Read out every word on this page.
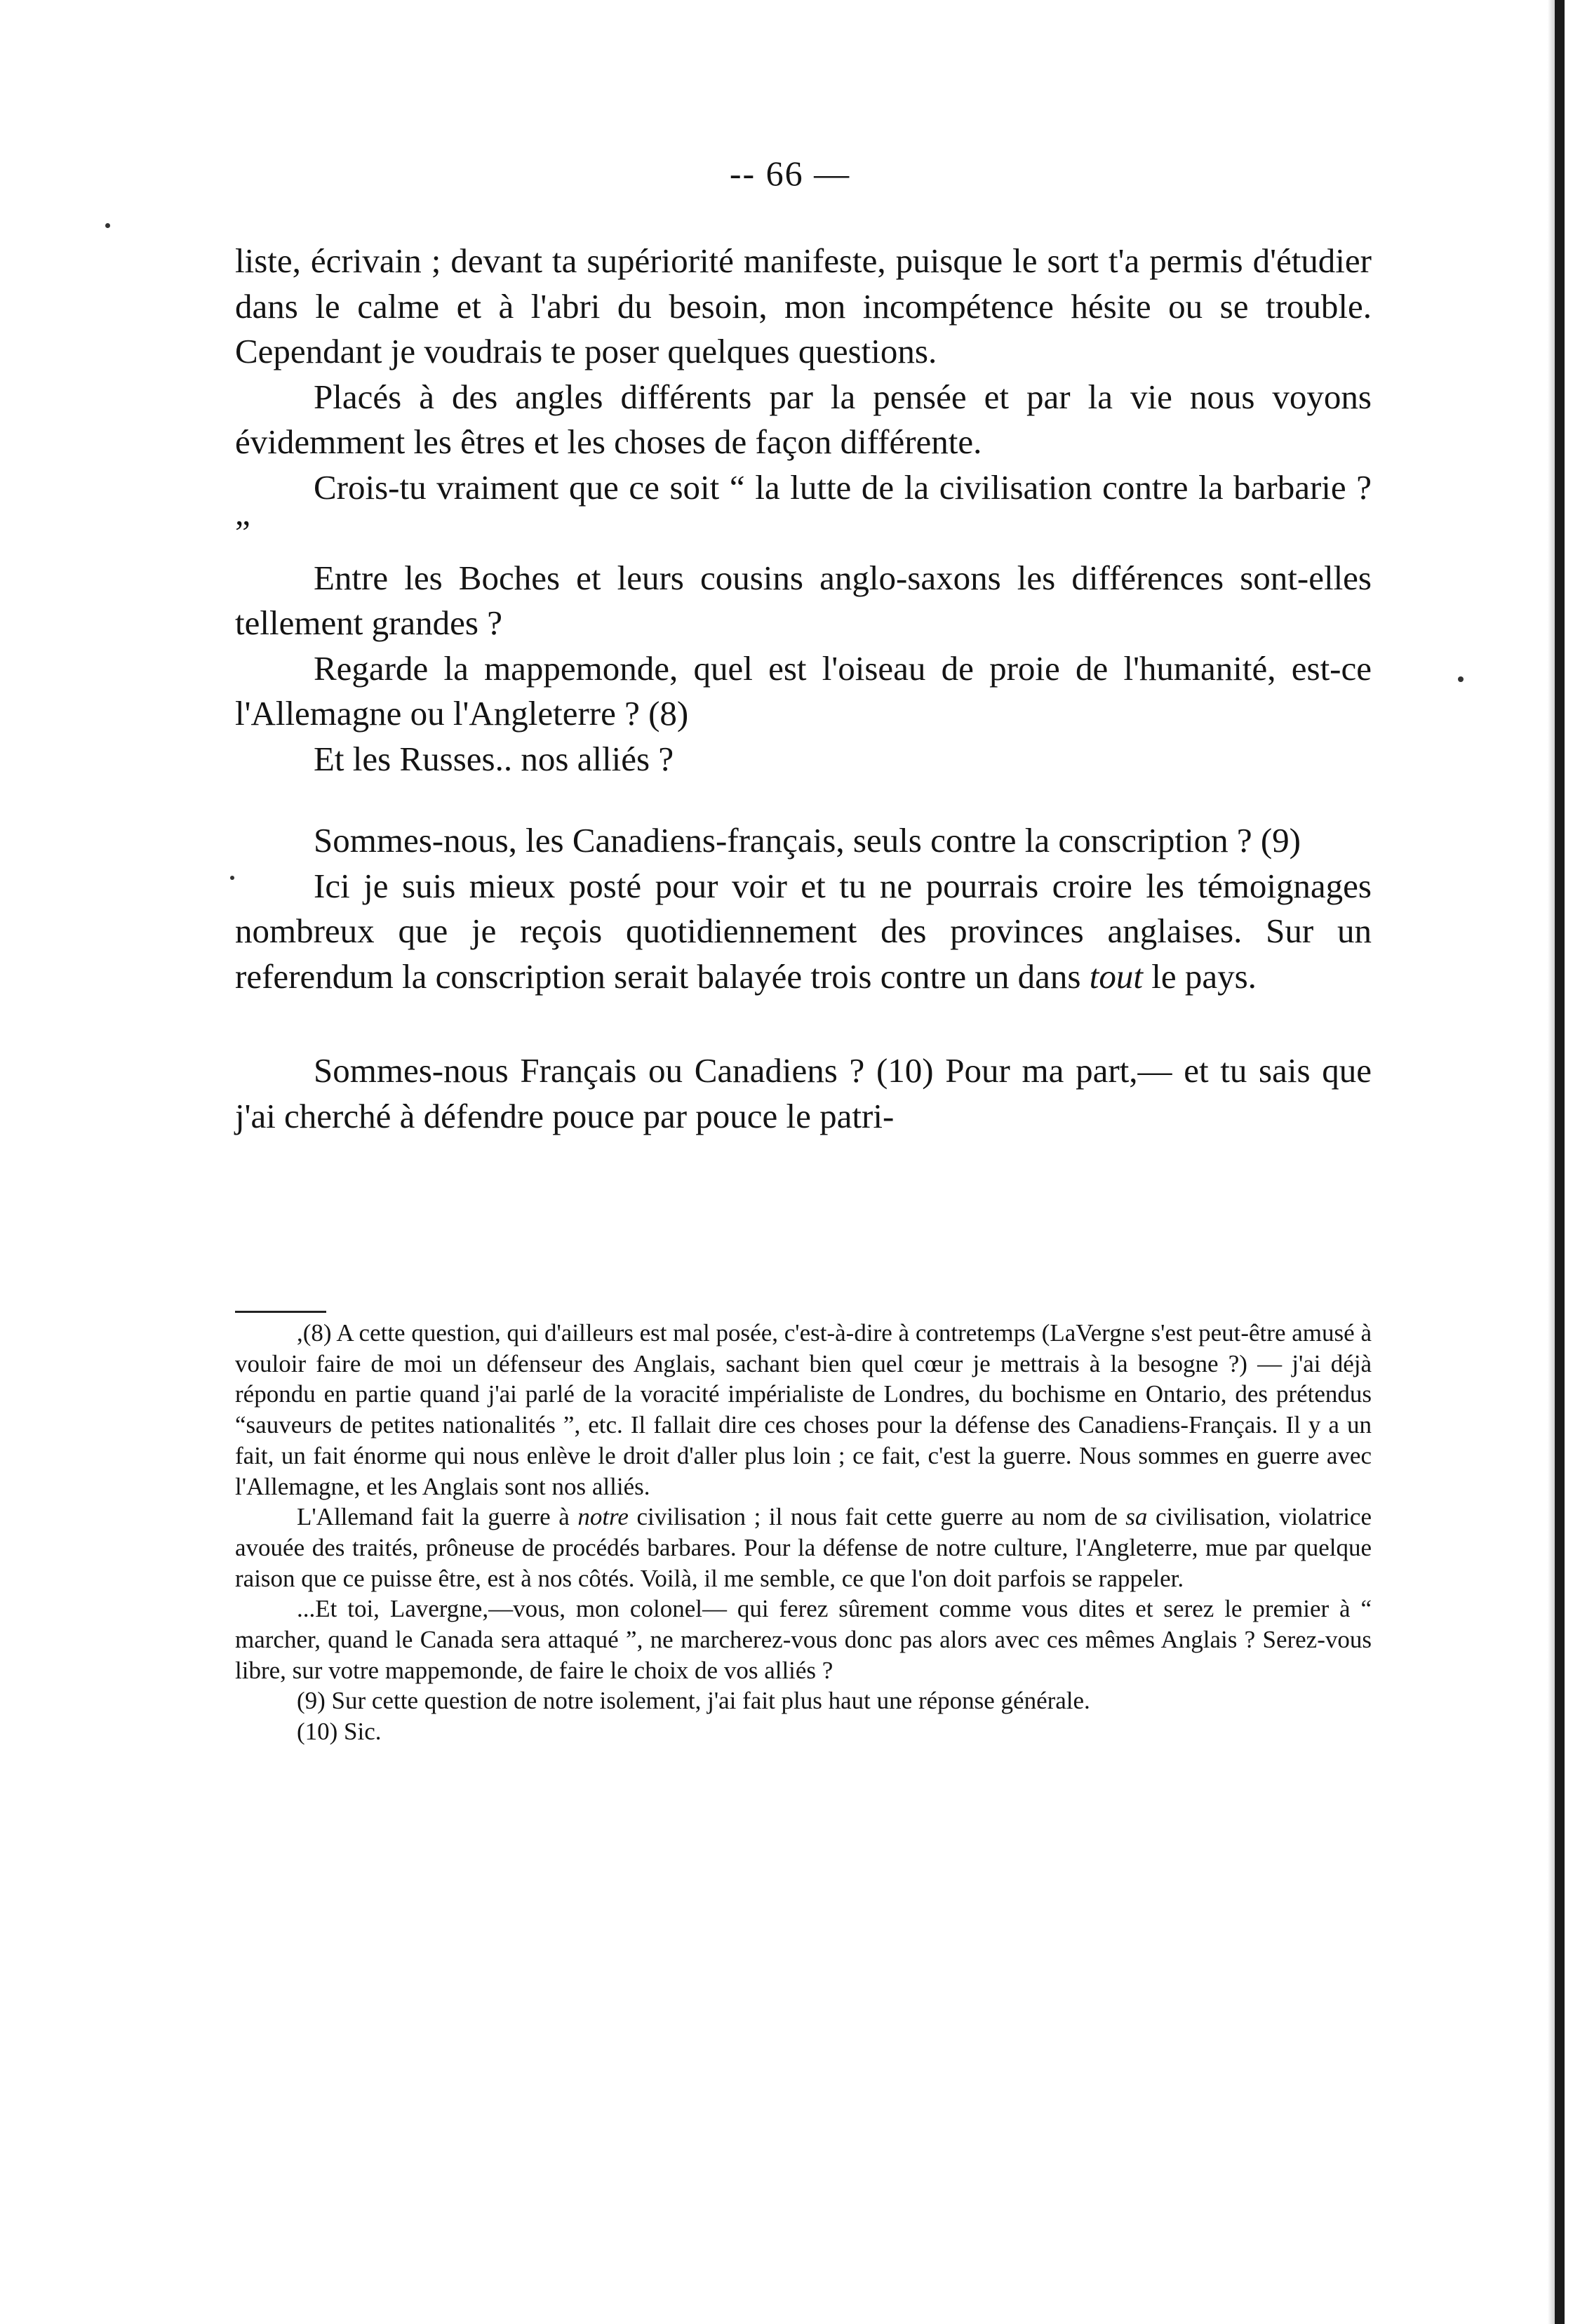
-- 66 —

liste, écrivain ; devant ta supériorité manifeste, puisque le sort t'a permis d'étudier dans le calme et à l'abri du besoin, mon incompétence hésite ou se trouble. Cependant je voudrais te poser quelques questions.

Placés à des angles différents par la pensée et par la vie nous voyons évidemment les êtres et les choses de façon différente.

Crois-tu vraiment que ce soit “ la lutte de la civilisation contre la barbarie ? ”

Entre les Boches et leurs cousins anglo-saxons les différences sont-elles tellement grandes ?

Regarde la mappemonde, quel est l'oiseau de proie de l'humanité, est-ce l'Allemagne ou l'Angleterre ? (8)

Et les Russes.. nos alliés ?

Sommes-nous, les Canadiens-français, seuls contre la conscription ? (9)

Ici je suis mieux posté pour voir et tu ne pourrais croire les témoignages nombreux que je reçois quotidiennement des provinces anglaises. Sur un referendum la conscription serait balayée trois contre un dans tout le pays.

Sommes-nous Français ou Canadiens ? (10) Pour ma part,— et tu sais que j'ai cherché à défendre pouce par pouce le patri-

,(8) A cette question, qui d'ailleurs est mal posée, c'est-à-dire à contretemps (LaVergne s'est peut-être amusé à vouloir faire de moi un défenseur des Anglais, sachant bien quel cœur je mettrais à la besogne ?) — j'ai déjà répondu en partie quand j'ai parlé de la voracité impérialiste de Londres, du bochisme en Ontario, des prétendus “sauveurs de petites nationalités ”, etc. Il fallait dire ces choses pour la défense des Canadiens-Français. Il y a un fait, un fait énorme qui nous enlève le droit d'aller plus loin ; ce fait, c'est la guerre. Nous sommes en guerre avec l'Allemagne, et les Anglais sont nos alliés.

L'Allemand fait la guerre à notre civilisation ; il nous fait cette guerre au nom de sa civilisation, violatrice avouée des traités, prôneuse de procédés barbares. Pour la défense de notre culture, l'Angleterre, mue par quelque raison que ce puisse être, est à nos côtés. Voilà, il me semble, ce que l'on doit parfois se rappeler.

...Et toi, Lavergne,—vous, mon colonel— qui ferez sûrement comme vous dites et serez le premier à “ marcher, quand le Canada sera attaqué ”, ne marcherez-vous donc pas alors avec ces mêmes Anglais ? Serez-vous libre, sur votre mappemonde, de faire le choix de vos alliés ?

(9) Sur cette question de notre isolement, j'ai fait plus haut une réponse générale.

(10) Sic.
